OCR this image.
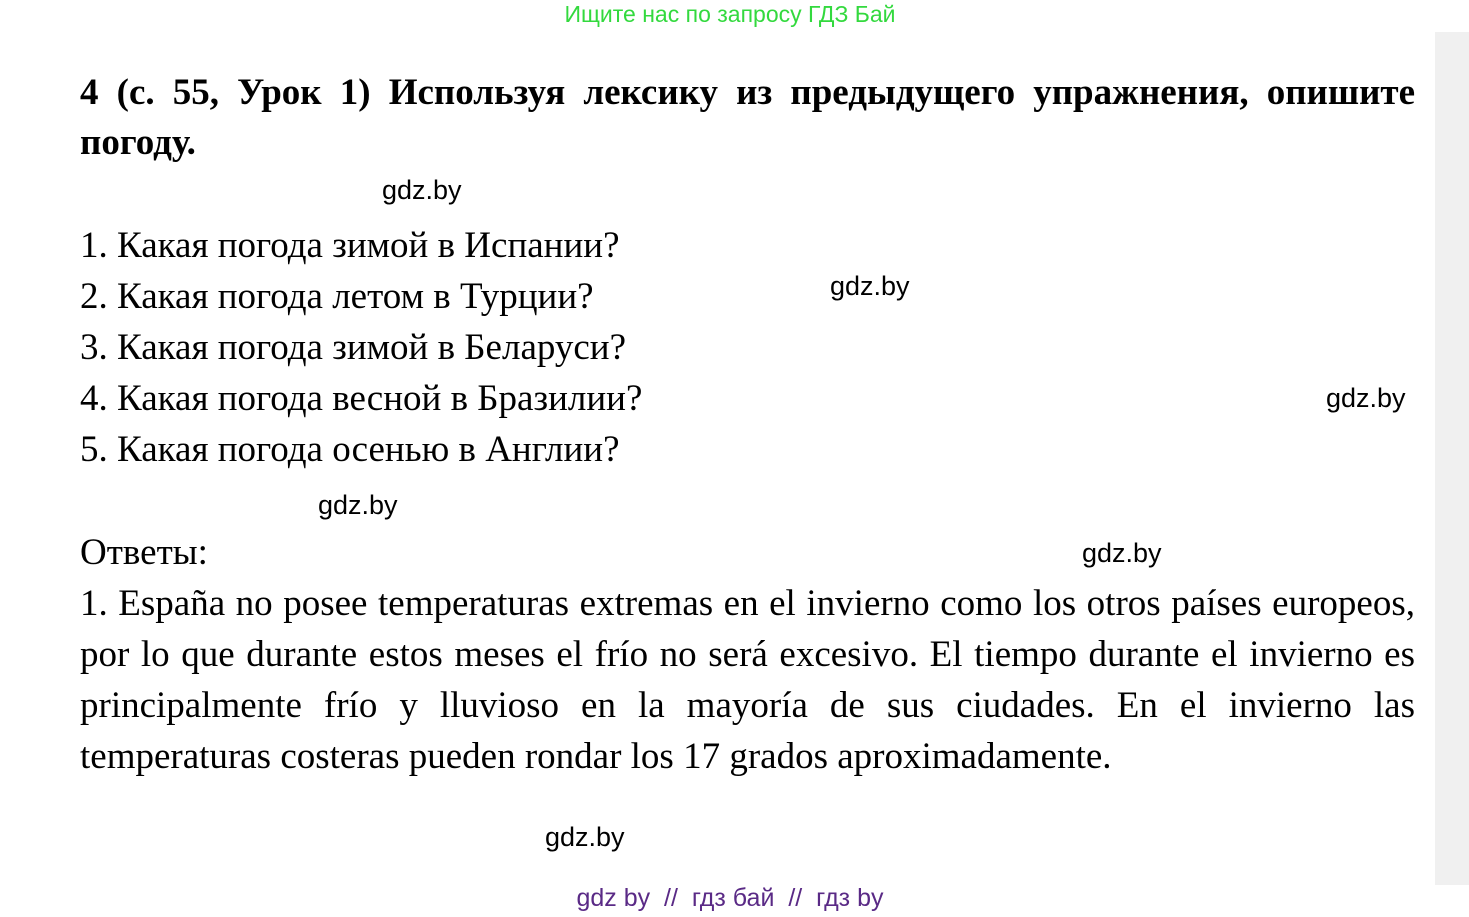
Ищите нас по запросу ГДЗ Бай

4 (с. 55, Урок 1) Используя лексику из предыдущего упражнения, опишите погоду.

gdz.by
1. Какая погода зимой в Испании?
2. Какая погода летом в Турции?
3. Какая погода зимой в Беларуси?
4. Какая погода весной в Бразилии?
5. Какая погода осенью в Англии?
gdz.by
gdz.by
gdz.by
Ответы:	gdz.by

1. España no posee temperaturas extremas en el invierno como los otros países europeos, por lo que durante estos meses el frío no será excesivo. El tiempo durante el invierno es principalmente frío y lluvioso en la mayoría de sus ciudades. En el invierno las temperaturas costeras pueden rondar los 17 grados aproximadamente.

gdz.by
gdz by  //  гдз бай  //  гдз by
